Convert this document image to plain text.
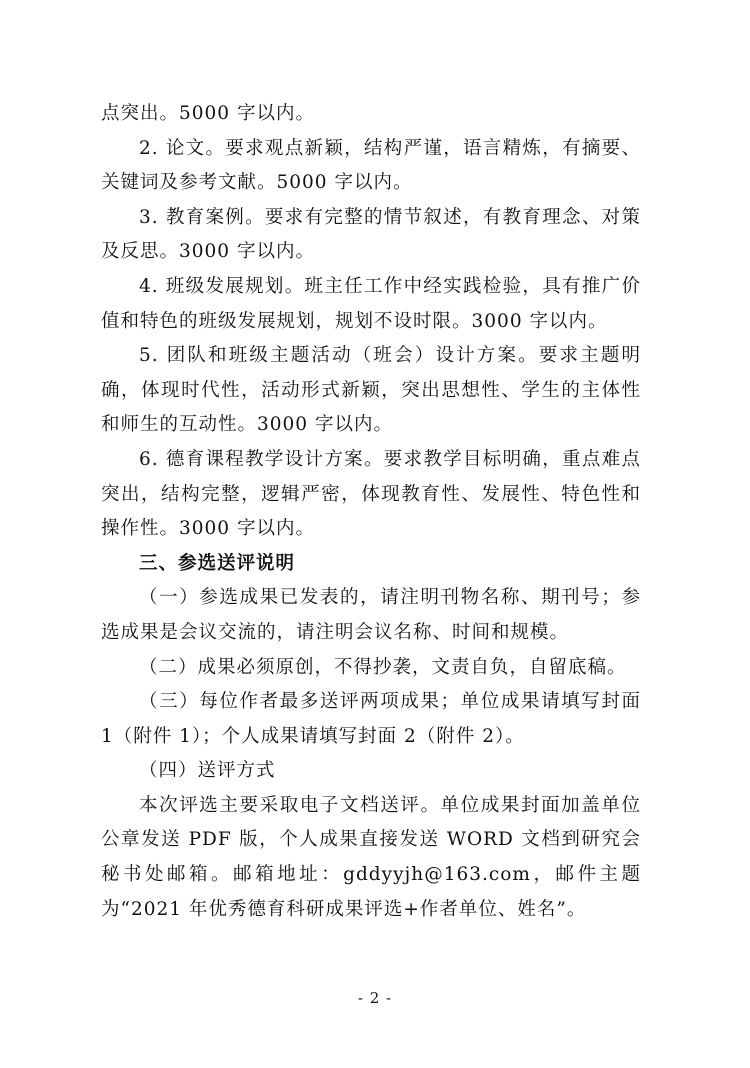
点突出。5000 字以内。

2. 论文。要求观点新颖，结构严谨，语言精炼，有摘要、关键词及参考文献。5000 字以内。

3. 教育案例。要求有完整的情节叙述，有教育理念、对策及反思。3000 字以内。

4. 班级发展规划。班主任工作中经实践检验，具有推广价值和特色的班级发展规划，规划不设时限。3000 字以内。

5. 团队和班级主题活动（班会）设计方案。要求主题明确，体现时代性，活动形式新颖，突出思想性、学生的主体性和师生的互动性。3000 字以内。

6. 德育课程教学设计方案。要求教学目标明确，重点难点突出，结构完整，逻辑严密，体现教育性、发展性、特色性和操作性。3000 字以内。

三、参选送评说明

（一）参选成果已发表的，请注明刊物名称、期刊号；参选成果是会议交流的，请注明会议名称、时间和规模。

（二）成果必须原创，不得抄袭，文责自负，自留底稿。

（三）每位作者最多送评两项成果；单位成果请填写封面 1（附件 1）；个人成果请填写封面 2（附件 2）。

（四）送评方式

本次评选主要采取电子文档送评。单位成果封面加盖单位公章发送 PDF 版，个人成果直接发送 WORD 文档到研究会秘书处邮箱。邮箱地址：gddyyjh@163.com，邮件主题为“2021 年优秀德育科研成果评选+作者单位、姓名”。

- 2 -
